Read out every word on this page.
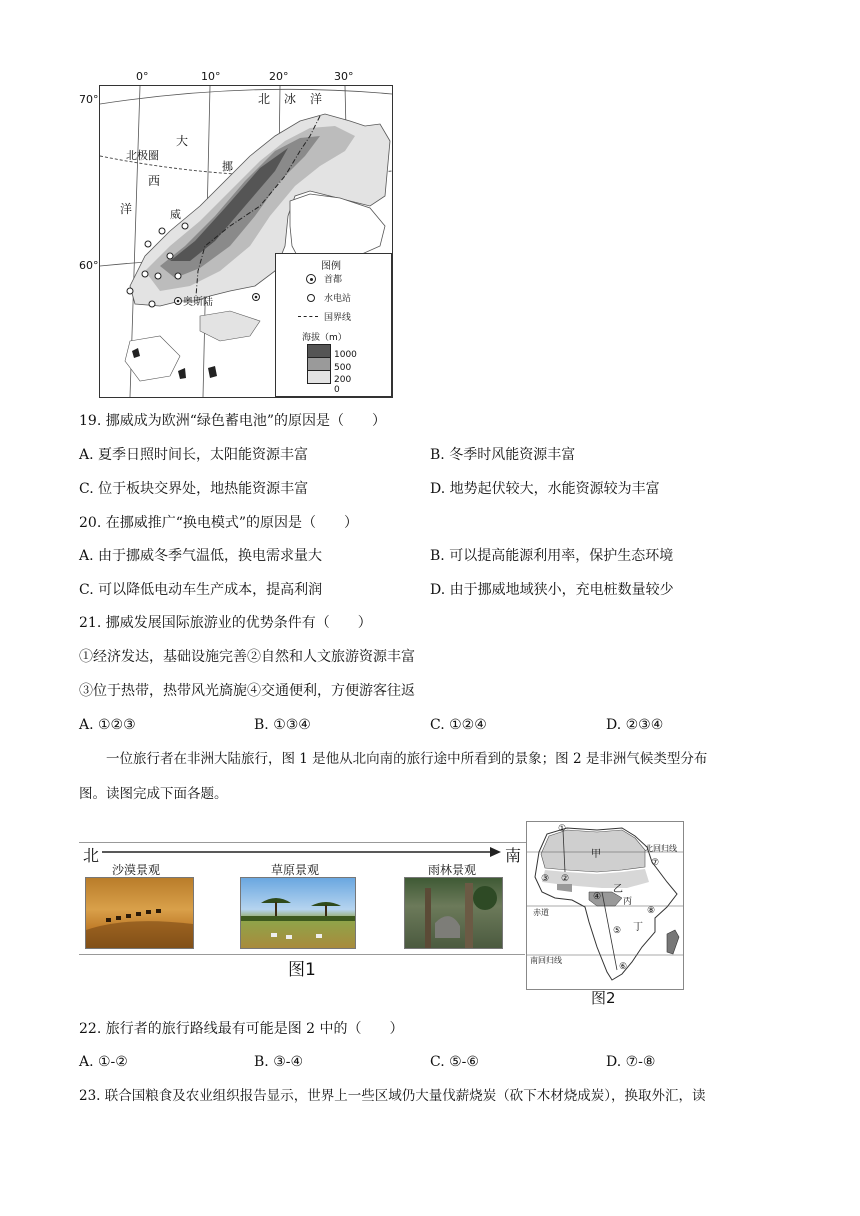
0°	10°	20°	30°
70°
60°
北 冰 洋
大
西
洋
北极圈
挪
威
奥斯陆
图例
首都
水电站
国界线
海拔（m）
1000
500
200
0
19. 挪威成为欧洲“绿色蓄电池”的原因是（　　）
A. 夏季日照时间长，太阳能资源丰富	B. 冬季时风能资源丰富
C. 位于板块交界处，地热能资源丰富	D. 地势起伏较大，水能资源较为丰富
20. 在挪威推广“换电模式”的原因是（　　）
A. 由于挪威冬季气温低，换电需求量大	B. 可以提高能源利用率，保护生态环境
C. 可以降低电动车生产成本，提高利润	D. 由于挪威地域狭小，充电桩数量较少
21. 挪威发展国际旅游业的优势条件有（　　）
①经济发达，基础设施完善②自然和人文旅游资源丰富
③位于热带，热带风光旖旎④交通便利，方便游客往返
A. ①②③	B. ①③④	C. ①②④	D. ②③④
一位旅行者在非洲大陆旅行，图 1 是他从北向南的旅行途中所看到的景象；图 2 是非洲气候类型分布
图。读图完成下面各题。
北	南
沙漠景观	草原景观	雨林景观
图1
北回归线
赤道
南回归线
甲
乙
丙
丁
①
②
③
④
⑤
⑥
⑦
⑧
图2
22. 旅行者的旅行路线最有可能是图 2 中的（　　）
A. ①-②	B. ③-④	C. ⑤-⑥	D. ⑦-⑧
23. 联合国粮食及农业组织报告显示，世界上一些区域仍大量伐薪烧炭（砍下木材烧成炭），换取外汇，读
